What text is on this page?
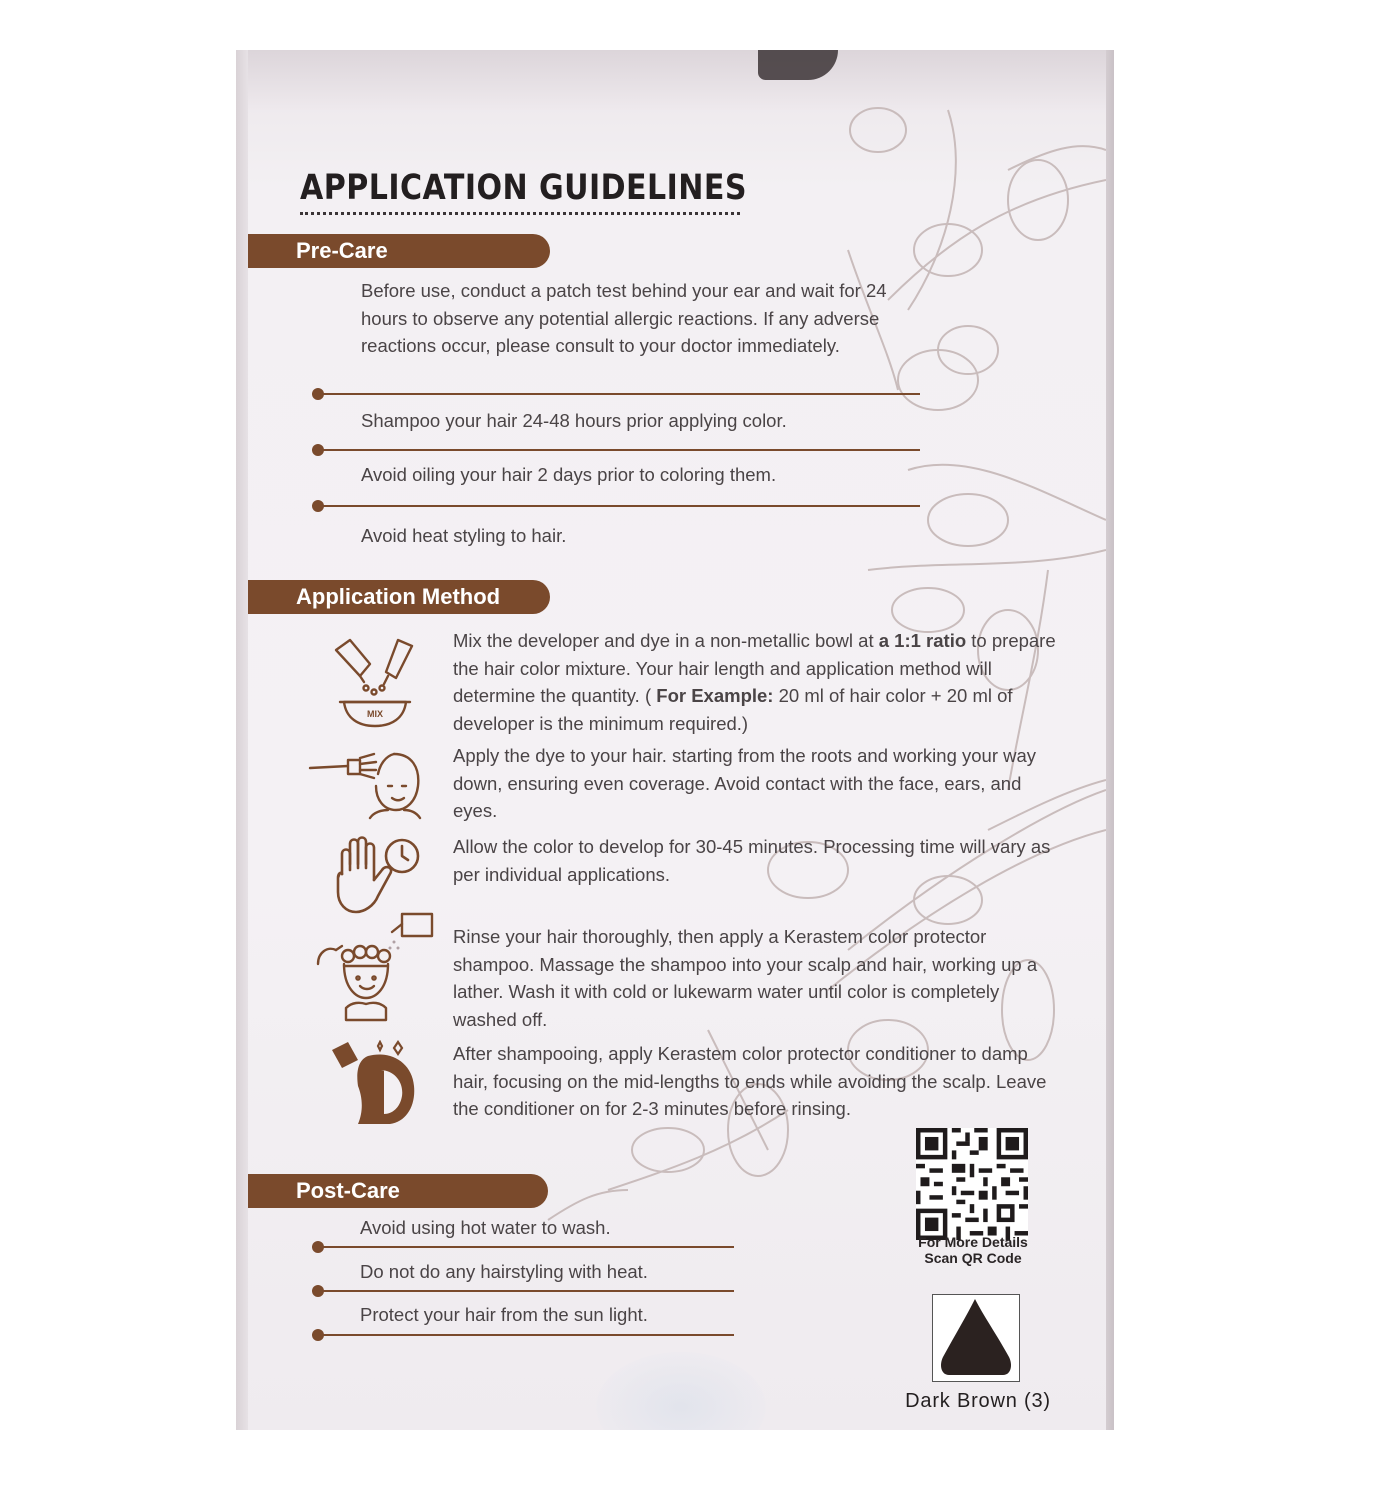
APPLICATION GUIDELINES
Pre-Care
Before use, conduct a patch test behind your ear and wait for 24 hours to observe any potential allergic reactions. If any adverse reactions occur, please consult to your doctor immediately.
Shampoo your hair 24-48 hours prior applying color.
Avoid oiling your hair 2 days prior to coloring them.
Avoid heat styling to hair.
Application Method
MIX
Mix the developer and dye in a non-metallic bowl at a 1:1 ratio to prepare the hair color mixture. Your hair length and application method will determine the quantity. ( For Example: 20 ml of hair color + 20 ml of developer is the minimum required.)
Apply the dye to your hair. starting from the roots and working your way down, ensuring even coverage. Avoid contact with the face, ears, and eyes.
Allow the color to develop for 30-45 minutes. Processing time will vary as per individual applications.
Rinse your hair thoroughly, then apply a Kerastem color protector shampoo. Massage the shampoo into your scalp and hair, working up a lather. Wash it with cold or lukewarm water until color is completely washed off.
After shampooing, apply Kerastem color protector conditioner to damp hair, focusing on the mid-lengths to ends while avoiding the scalp. Leave the conditioner on for 2-3 minutes before rinsing.
Post-Care
Avoid using hot water to wash.
Do not do any hairstyling with heat.
Protect your hair from the sun light.
For More Details
Scan QR Code
Dark Brown (3)
